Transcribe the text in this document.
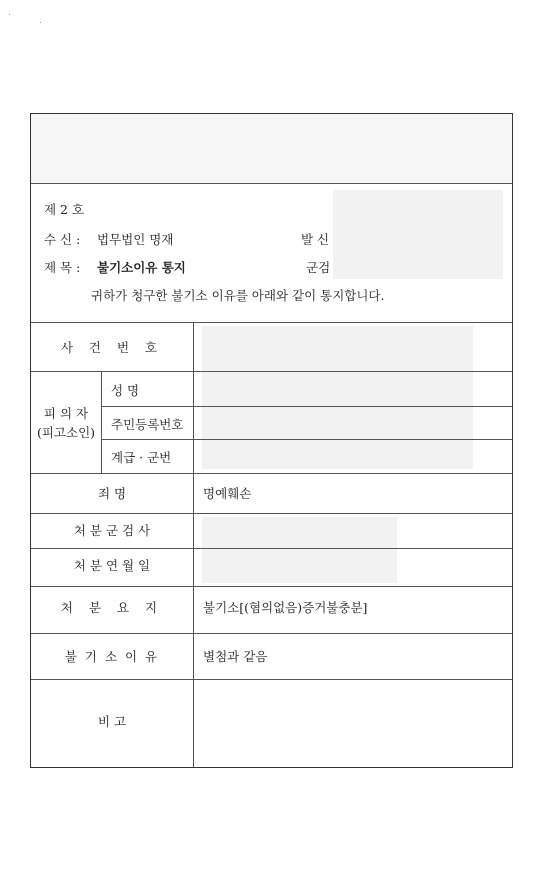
제 2 호
수 신 : 법무법인 명재	발 신
제 목 : 불기소이유 통지	군검
귀하가 청구한 불기소 이유를 아래와 같이 통지합니다.
사 건 번 호
피 의 자
(피고소인)
성 명
주민등록번호
계급 · 군번
죄 명	명예훼손
처 분 군 검 사
처 분 연 월 일
처 분 요 지	불기소[(혐의없음)증거불충분]
불 기 소 이 유	별첨과 같음
비 고
